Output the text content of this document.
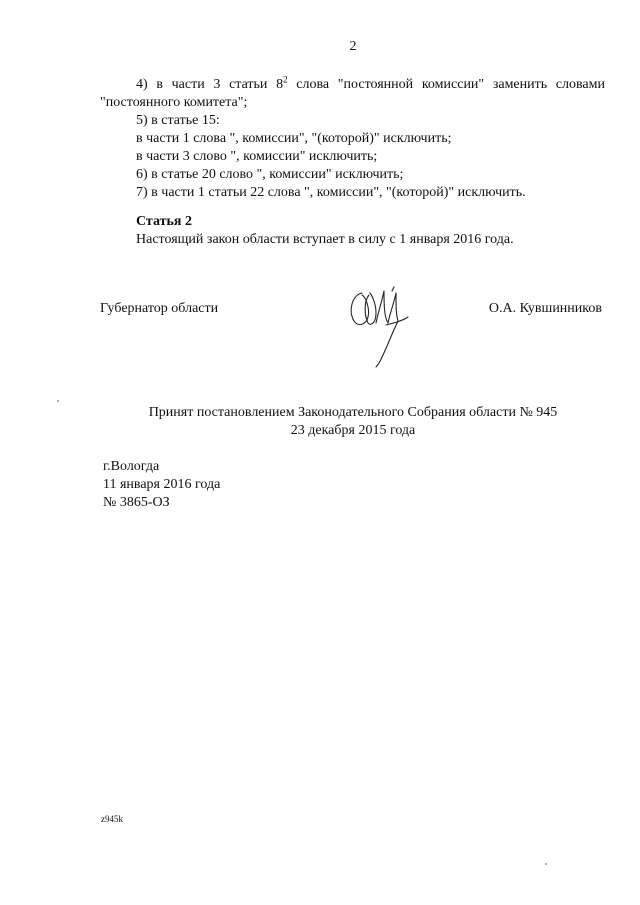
2

4) в части 3 статьи $8^2$ слова "постоянной комиссии" заменить словами

"постоянного комитета";

5) в статье 15:

в части 1 слова ", комиссии", "(которой)" исключить;

в части 3 слово ", комиссии" исключить;

6) в статье 20 слово ", комиссии" исключить;

7) в части 1 статьи 22 слова ", комиссии", "(которой)" исключить.

Статья 2

Настоящий закон области вступает в силу с 1 января 2016 года.

Губернатор области	О.А. Кувшинников

Принят постановлением Законодательного Собрания области № 945

23 декабря 2015 года

г.Вологда

11 января 2016 года

№ 3865-ОЗ

z945k
